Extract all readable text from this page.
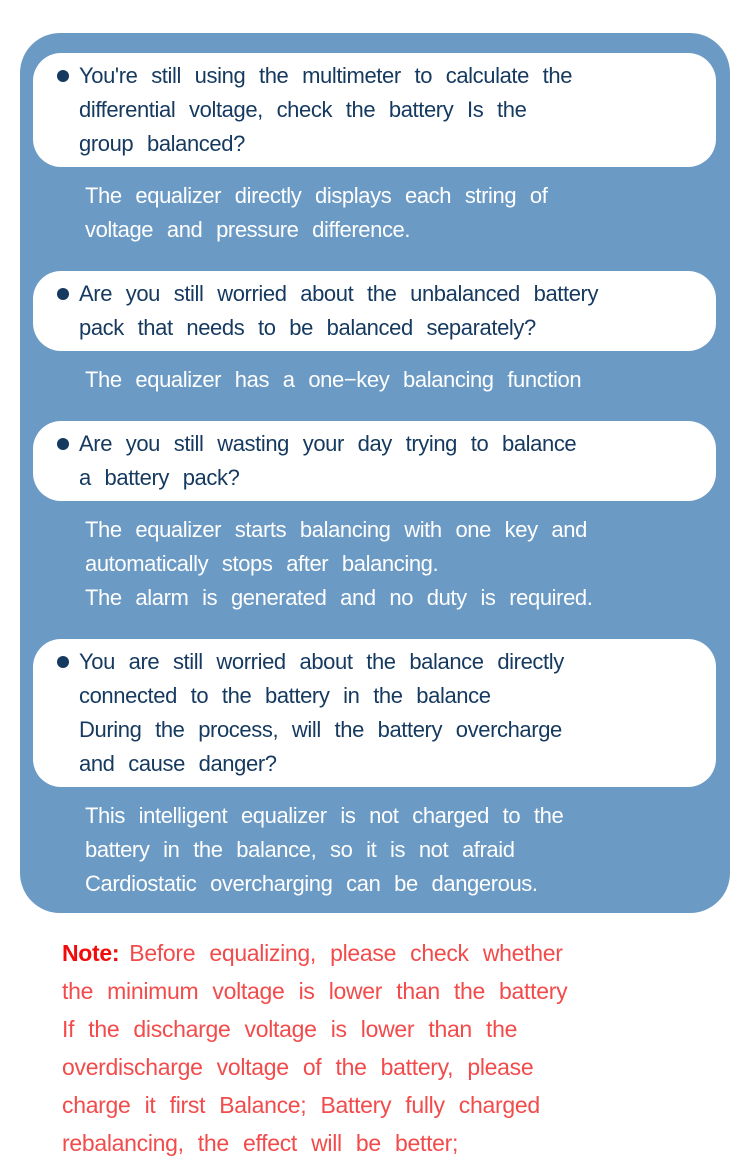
You're still using the multimeter to calculate the
differential voltage, check the battery Is the
group balanced?
The equalizer directly displays each string of
voltage and pressure difference.
Are you still worried about the unbalanced battery
pack that needs to be balanced separately?
The equalizer has a one−key balancing function
Are you still wasting your day trying to balance
a battery pack?
The equalizer starts balancing with one key and
automatically stops after balancing.
The alarm is generated and no duty is required.
You are still worried about the balance directly
connected to the battery in the balance
During the process, will the battery overcharge
and cause danger?
This intelligent equalizer is not charged to the
battery in the balance, so it is not afraid
Cardiostatic overcharging can be dangerous.
Note: Before equalizing, please check whether
the minimum voltage is lower than the battery
If the discharge voltage is lower than the
overdischarge voltage of the battery, please
charge it first Balance; Battery fully charged
rebalancing, the effect will be better;
